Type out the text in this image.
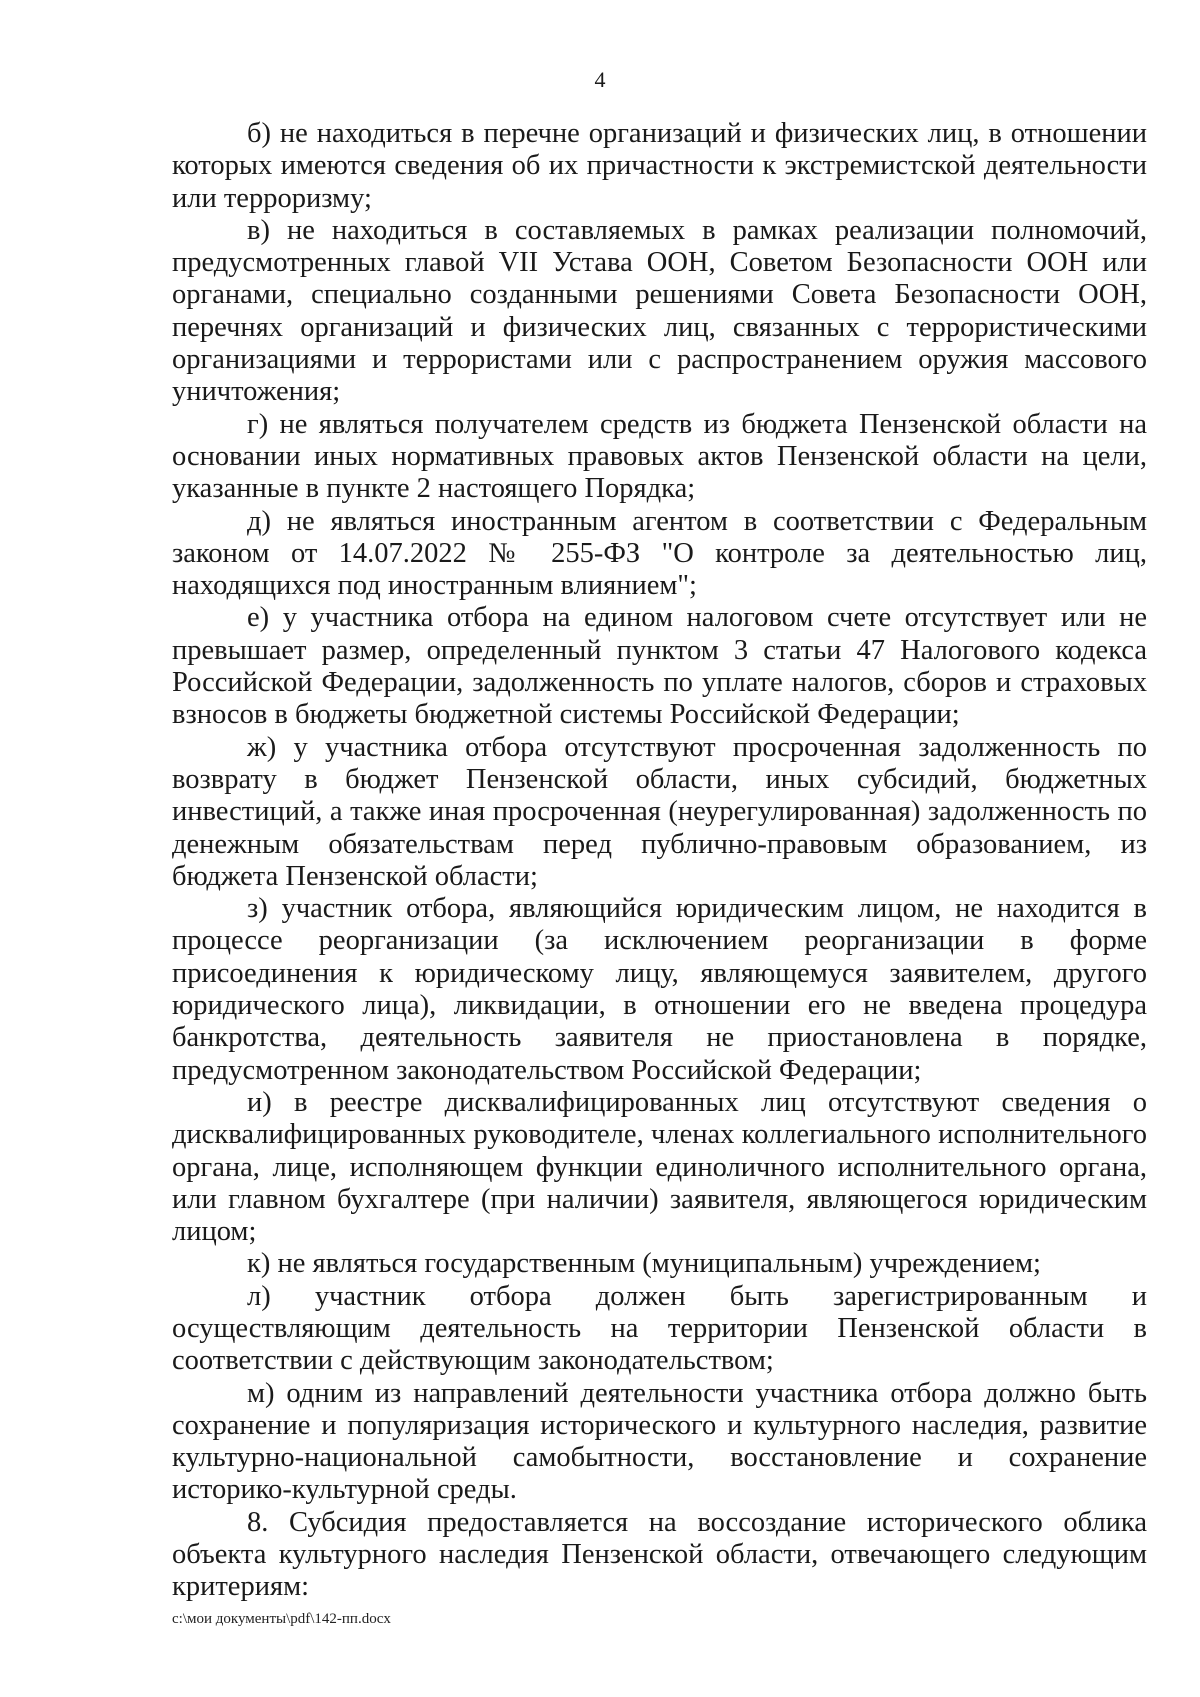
4

б) не находиться в перечне организаций и физических лиц, в отношении которых имеются сведения об их причастности к экстремистской деятельности или терроризму;

в) не находиться в составляемых в рамках реализации полномочий, предусмотренных главой VII Устава ООН, Советом Безопасности ООН или органами, специально созданными решениями Совета Безопасности ООН, перечнях организаций и физических лиц, связанных с террористическими организациями и террористами или с распространением оружия массового уничтожения;

г) не являться получателем средств из бюджета Пензенской области на основании иных нормативных правовых актов Пензенской области на цели, указанные в пункте 2 настоящего Порядка;

д) не являться иностранным агентом в соответствии с Федеральным законом от 14.07.2022 № 255-ФЗ "О контроле за деятельностью лиц, находящихся под иностранным влиянием";

е) у участника отбора на едином налоговом счете отсутствует или не превышает размер, определенный пунктом 3 статьи 47 Налогового кодекса Российской Федерации, задолженность по уплате налогов, сборов и страховых взносов в бюджеты бюджетной системы Российской Федерации;

ж) у участника отбора отсутствуют просроченная задолженность по возврату в бюджет Пензенской области, иных субсидий, бюджетных инвестиций, а также иная просроченная (неурегулированная) задолженность по денежным обязательствам перед публично-правовым образованием, из бюджета Пензенской области;

з) участник отбора, являющийся юридическим лицом, не находится в процессе реорганизации (за исключением реорганизации в форме присоединения к юридическому лицу, являющемуся заявителем, другого юридического лица), ликвидации, в отношении его не введена процедура банкротства, деятельность заявителя не приостановлена в порядке, предусмотренном законодательством Российской Федерации;

и) в реестре дисквалифицированных лиц отсутствуют сведения о дисквалифицированных руководителе, членах коллегиального исполнительного органа, лице, исполняющем функции единоличного исполнительного органа, или главном бухгалтере (при наличии) заявителя, являющегося юридическим лицом;

к) не являться государственным (муниципальным) учреждением;

л) участник отбора должен быть зарегистрированным и осуществляющим деятельность на территории Пензенской области в соответствии с действующим законодательством;

м) одним из направлений деятельности участника отбора должно быть сохранение и популяризация исторического и культурного наследия, развитие культурно-национальной самобытности, восстановление и сохранение историко-культурной среды.

8. Субсидия предоставляется на воссоздание исторического облика объекта культурного наследия Пензенской области, отвечающего следующим критериям:

c:\мои документы\pdf\142-пп.docx
